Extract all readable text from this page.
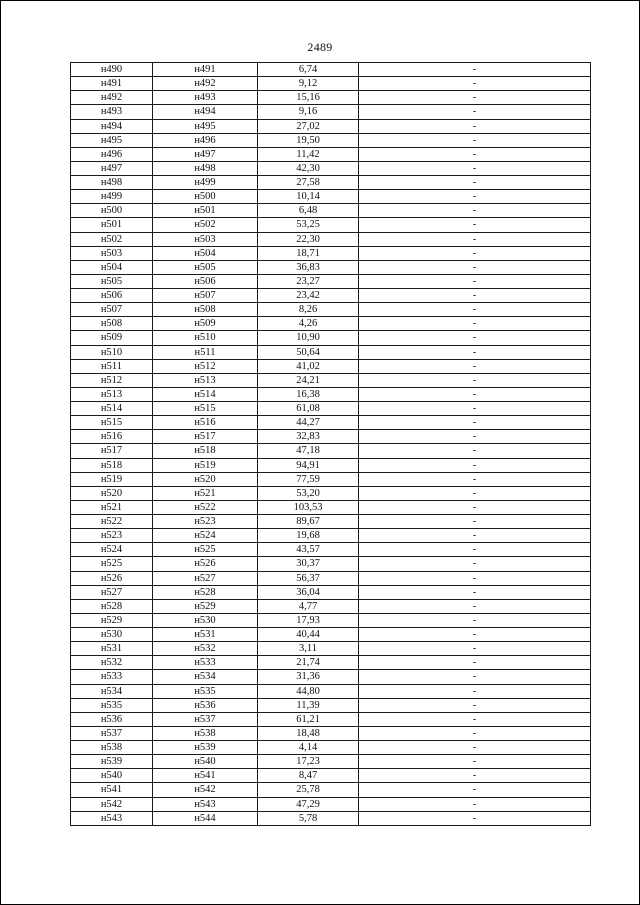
2489
н490	н491	6,74	-
н491	н492	9,12	-
н492	н493	15,16	-
н493	н494	9,16	-
н494	н495	27,02	-
н495	н496	19,50	-
н496	н497	11,42	-
н497	н498	42,30	-
н498	н499	27,58	-
н499	н500	10,14	-
н500	н501	6,48	-
н501	н502	53,25	-
н502	н503	22,30	-
н503	н504	18,71	-
н504	н505	36,83	-
н505	н506	23,27	-
н506	н507	23,42	-
н507	н508	8,26	-
н508	н509	4,26	-
н509	н510	10,90	-
н510	н511	50,64	-
н511	н512	41,02	-
н512	н513	24,21	-
н513	н514	16,38	-
н514	н515	61,08	-
н515	н516	44,27	-
н516	н517	32,83	-
н517	н518	47,18	-
н518	н519	94,91	-
н519	н520	77,59	-
н520	н521	53,20	-
н521	н522	103,53	-
н522	н523	89,67	-
н523	н524	19,68	-
н524	н525	43,57	-
н525	н526	30,37	-
н526	н527	56,37	-
н527	н528	36,04	-
н528	н529	4,77	-
н529	н530	17,93	-
н530	н531	40,44	-
н531	н532	3,11	-
н532	н533	21,74	-
н533	н534	31,36	-
н534	н535	44,80	-
н535	н536	11,39	-
н536	н537	61,21	-
н537	н538	18,48	-
н538	н539	4,14	-
н539	н540	17,23	-
н540	н541	8,47	-
н541	н542	25,78	-
н542	н543	47,29	-
н543	н544	5,78	-
